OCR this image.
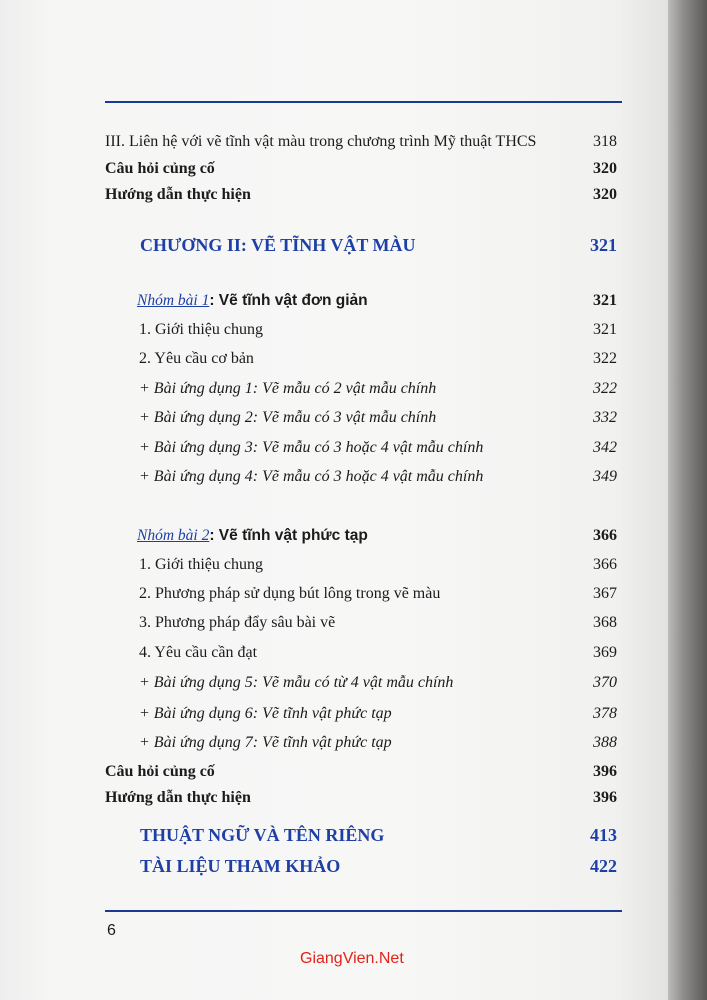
III. Liên hệ với vẽ tĩnh vật màu trong chương trình Mỹ thuật THCS	318
Câu hỏi củng cố	320
Hướng dẫn thực hiện	320
CHƯƠNG II: VẼ TĨNH VẬT MÀU	321
Nhóm bài 1: Vẽ tĩnh vật đơn giản	321
1. Giới thiệu chung	321
2. Yêu cầu cơ bản	322
+ Bài ứng dụng 1: Vẽ mẫu có 2 vật mẫu chính	322
+ Bài ứng dụng 2: Vẽ mẫu có 3 vật mẫu chính	332
+ Bài ứng dụng 3: Vẽ mẫu có 3 hoặc 4 vật mẫu chính	342
+ Bài ứng dụng 4: Vẽ mẫu có 3 hoặc 4 vật mẫu chính	349
Nhóm bài 2: Vẽ tĩnh vật phức tạp	366
1. Giới thiệu chung	366
2. Phương pháp sử dụng bút lông trong vẽ màu	367
3. Phương pháp đẩy sâu bài vẽ	368
4. Yêu cầu cần đạt	369
+ Bài ứng dụng 5: Vẽ mẫu có từ 4 vật mẫu chính	370
+ Bài ứng dụng 6: Vẽ tĩnh vật phức tạp	378
+ Bài ứng dụng 7: Vẽ tĩnh vật phức tạp	388
Câu hỏi củng cố	396
Hướng dẫn thực hiện	396
THUẬT NGỮ VÀ TÊN RIÊNG	413
TÀI LIỆU THAM KHẢO	422
6
GiangVien.Net
